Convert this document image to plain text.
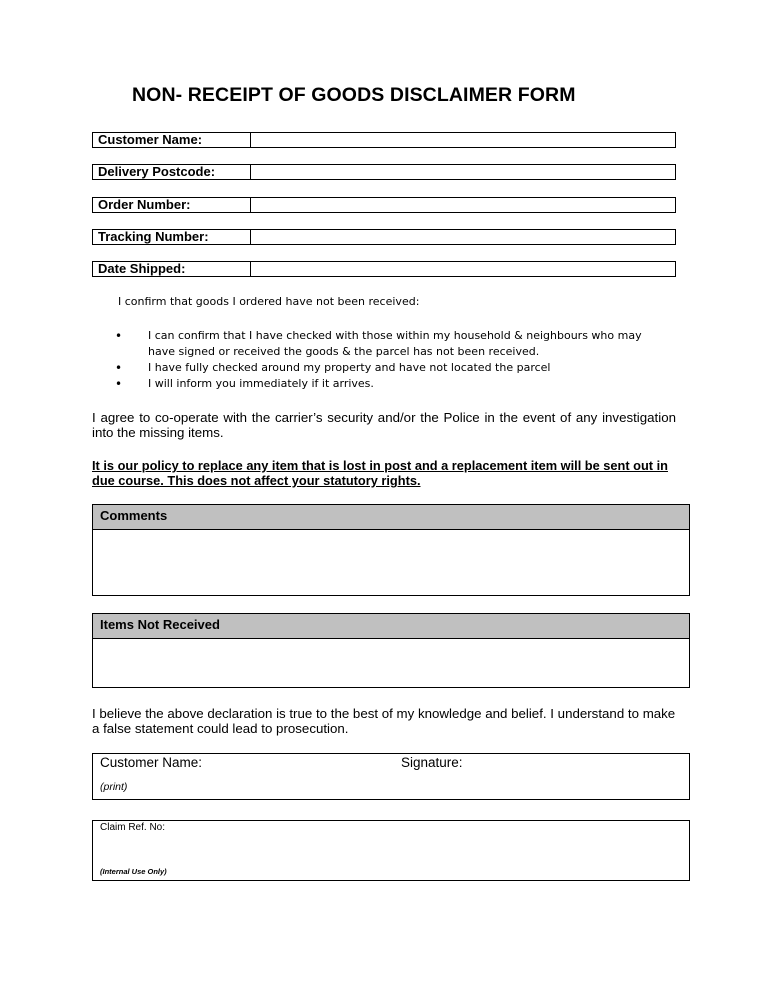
NON- RECEIPT OF GOODS DISCLAIMER FORM
Customer Name:
Delivery Postcode:
Order Number:
Tracking Number:
Date Shipped:
I confirm that goods I ordered have not been received:
• I can confirm that I have checked with those within my household & neighbours who may have signed or received the goods & the parcel has not been received.
• I have fully checked around my property and have not located the parcel
• I will inform you immediately if it arrives.
I agree to co-operate with the carrier’s security and/or the Police in the event of any investigation into the missing items.
It is our policy to replace any item that is lost in post and a replacement item will be sent out in due course. This does not affect your statutory rights.
Comments
Items Not Received
I believe the above declaration is true to the best of my knowledge and belief. I understand to make a false statement could lead to prosecution.
Customer Name:
(print)
Signature:
Claim Ref. No:
(Internal Use Only)
